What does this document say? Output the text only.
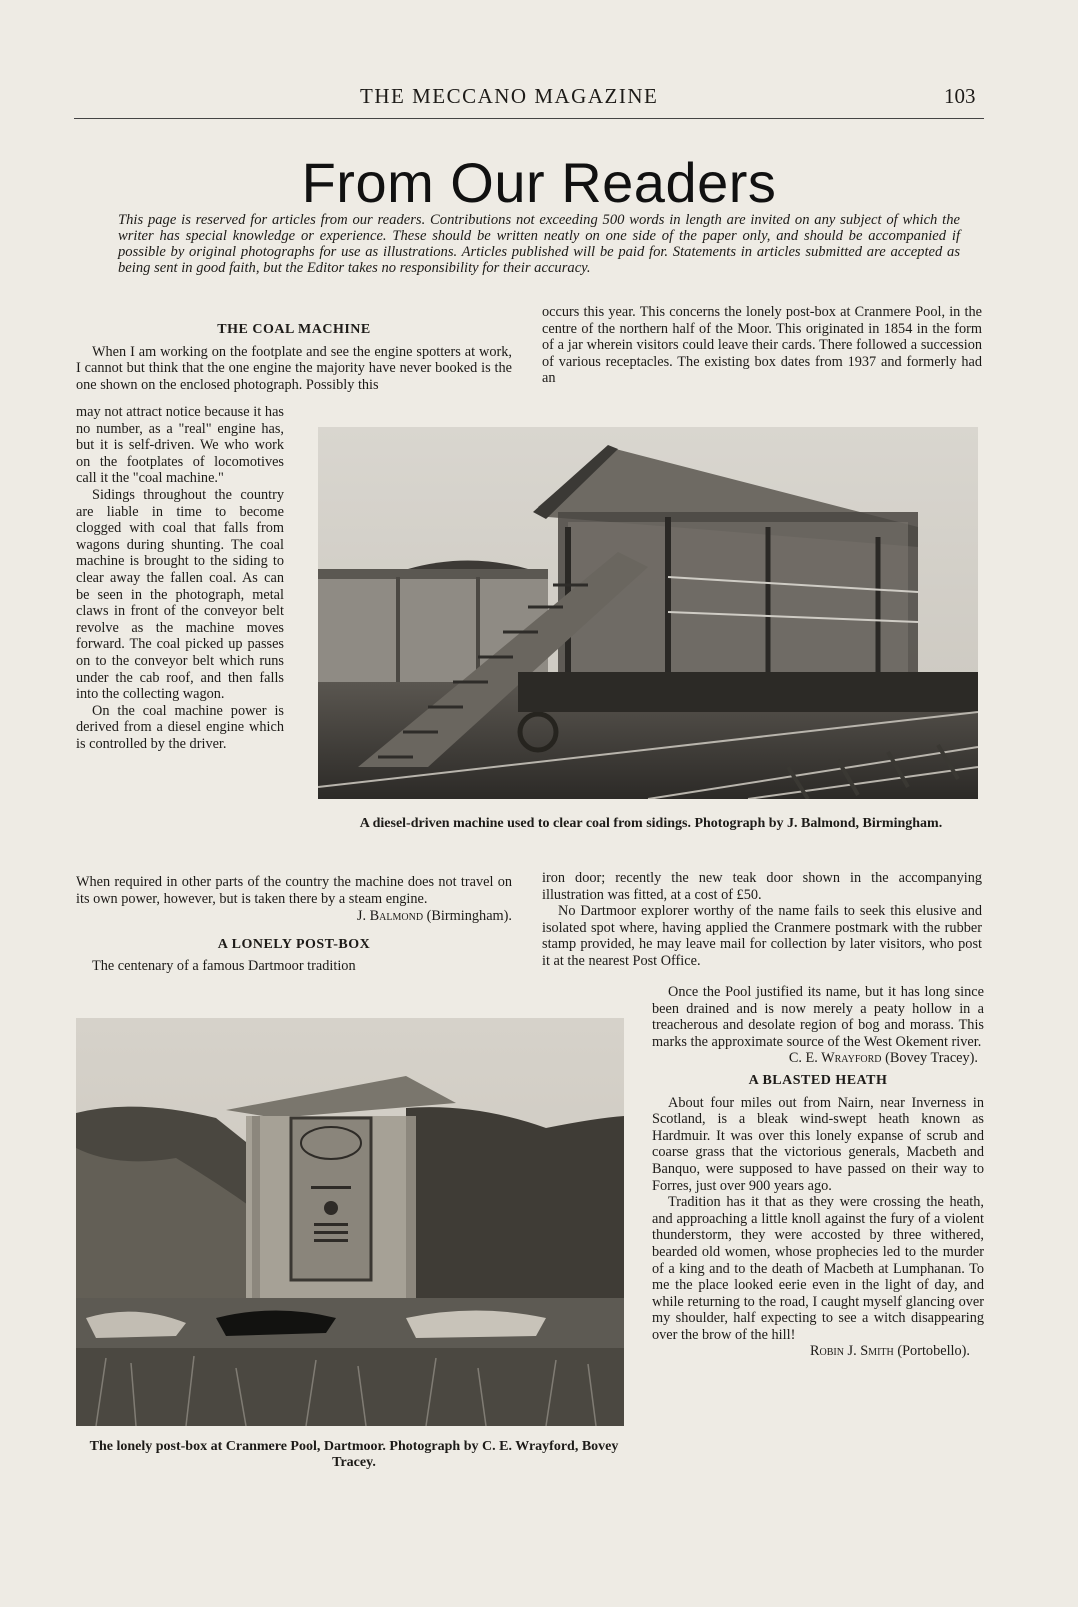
THE MECCANO MAGAZINE	103
From Our Readers
This page is reserved for articles from our readers. Contributions not exceeding 500 words in length are invited on any subject of which the writer has special knowledge or experience. These should be written neatly on one side of the paper only, and should be accompanied if possible by original photographs for use as illustrations. Articles published will be paid for. Statements in articles submitted are accepted as being sent in good faith, but the Editor takes no responsibility for their accuracy.
THE COAL MACHINE

When I am working on the footplate and see the engine spotters at work, I cannot but think that the one engine the majority have never booked is the one shown on the enclosed photograph. Possibly this

may not attract notice because it has no number, as a "real" engine has, but it is self-driven. We who work on the footplates of locomotives call it the "coal machine."

Sidings throughout the country are liable in time to become clogged with coal that falls from wagons during shunting. The coal machine is brought to the siding to clear away the fallen coal. As can be seen in the photograph, metal claws in front of the conveyor belt revolve as the machine moves forward. The coal picked up passes on to the conveyor belt which runs under the cab roof, and then falls into the collecting wagon.

On the coal machine power is derived from a diesel engine which is controlled by the driver.

When required in other parts of the country the machine does not travel on its own power, however, but is taken there by a steam engine.

J. Balmond (Birmingham).
A LONELY POST-BOX

The centenary of a famous Dartmoor tradition

occurs this year. This concerns the lonely post-box at Cranmere Pool, in the centre of the northern half of the Moor. This originated in 1854 in the form of a jar wherein visitors could leave their cards. There followed a succession of various receptacles. The existing box dates from 1937 and formerly had an

A diesel-driven machine used to clear coal from sidings. Photograph by J. Balmond, Birmingham.

iron door; recently the new teak door shown in the accompanying illustration was fitted, at a cost of £50.

No Dartmoor explorer worthy of the name fails to seek this elusive and isolated spot where, having applied the Cranmere postmark with the rubber stamp provided, he may leave mail for collection by later visitors, who post it at the nearest Post Office.

Once the Pool justified its name, but it has long since been drained and is now merely a peaty hollow in a treacherous and desolate region of bog and morass. This marks the approximate source of the West Okement river.

C. E. Wrayford (Bovey Tracey).
A BLASTED HEATH

About four miles out from Nairn, near Inverness in Scotland, is a bleak wind-swept heath known as Hardmuir. It was over this lonely expanse of scrub and coarse grass that the victorious generals, Macbeth and Banquo, were supposed to have passed on their way to Forres, just over 900 years ago.

Tradition has it that as they were crossing the heath, and approaching a little knoll against the fury of a violent thunderstorm, they were accosted by three withered, bearded old women, whose prophecies led to the murder of a king and to the death of Macbeth at Lumphanan. To me the place looked eerie even in the light of day, and while returning to the road, I caught myself glancing over my shoulder, half expecting to see a witch disappearing over the brow of the hill!

Robin J. Smith (Portobello).
The lonely post-box at Cranmere Pool, Dartmoor. Photograph by C. E. Wrayford, Bovey Tracey.
